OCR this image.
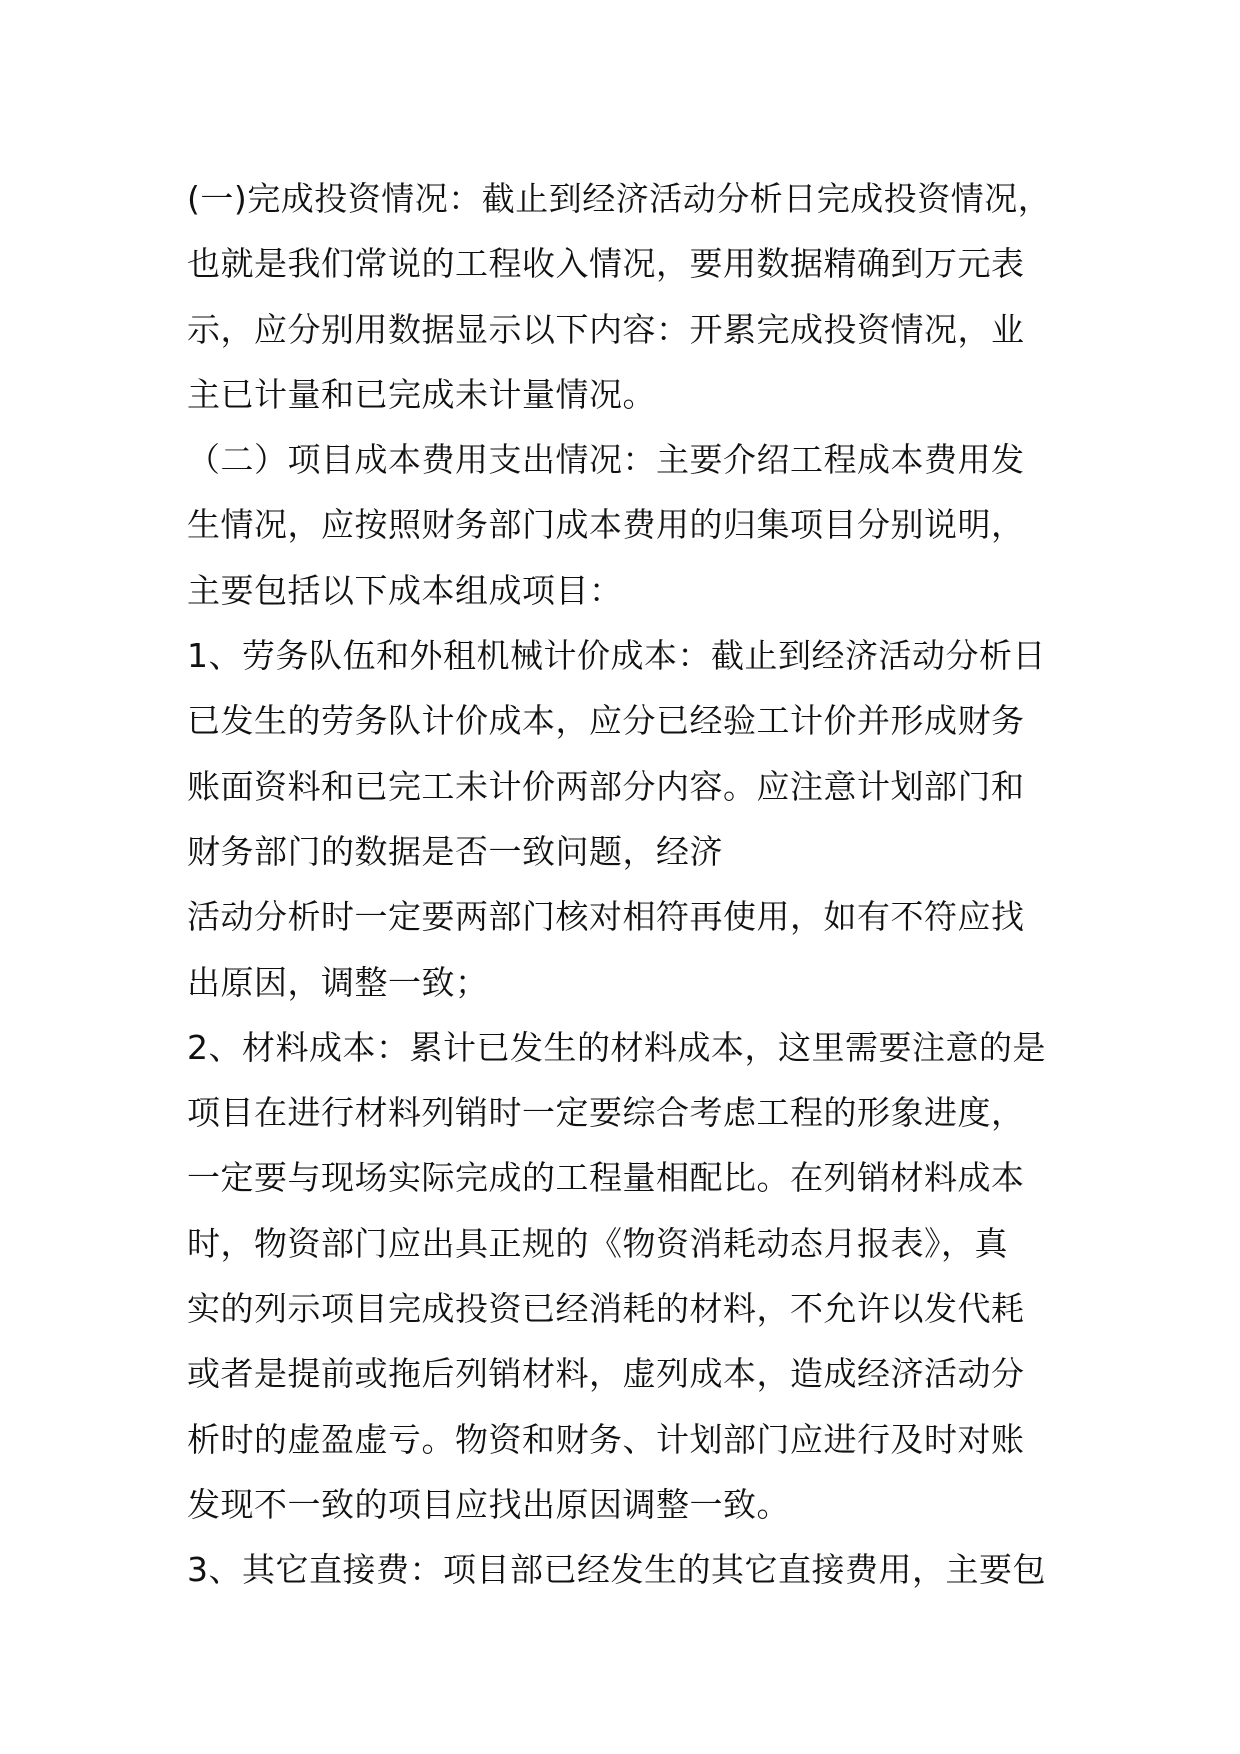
(一)完成投资情况：截止到经济活动分析日完成投资情况，
也就是我们常说的工程收入情况，要用数据精确到万元表
示，应分别用数据显示以下内容：开累完成投资情况，业
主已计量和已完成未计量情况。
（二）项目成本费用支出情况：主要介绍工程成本费用发
生情况，应按照财务部门成本费用的归集项目分别说明，
主要包括以下成本组成项目：
1、劳务队伍和外租机械计价成本：截止到经济活动分析日
已发生的劳务队计价成本，应分已经验工计价并形成财务
账面资料和已完工未计价两部分内容。应注意计划部门和
财务部门的数据是否一致问题，经济
活动分析时一定要两部门核对相符再使用，如有不符应找
出原因，调整一致；
2、材料成本：累计已发生的材料成本，这里需要注意的是
项目在进行材料列销时一定要综合考虑工程的形象进度，
一定要与现场实际完成的工程量相配比。在列销材料成本
时，物资部门应出具正规的《物资消耗动态月报表》，真
实的列示项目完成投资已经消耗的材料，不允许以发代耗
或者是提前或拖后列销材料，虚列成本，造成经济活动分
析时的虚盈虚亏。物资和财务、计划部门应进行及时对账
发现不一致的项目应找出原因调整一致。
3、其它直接费：项目部已经发生的其它直接费用，主要包
